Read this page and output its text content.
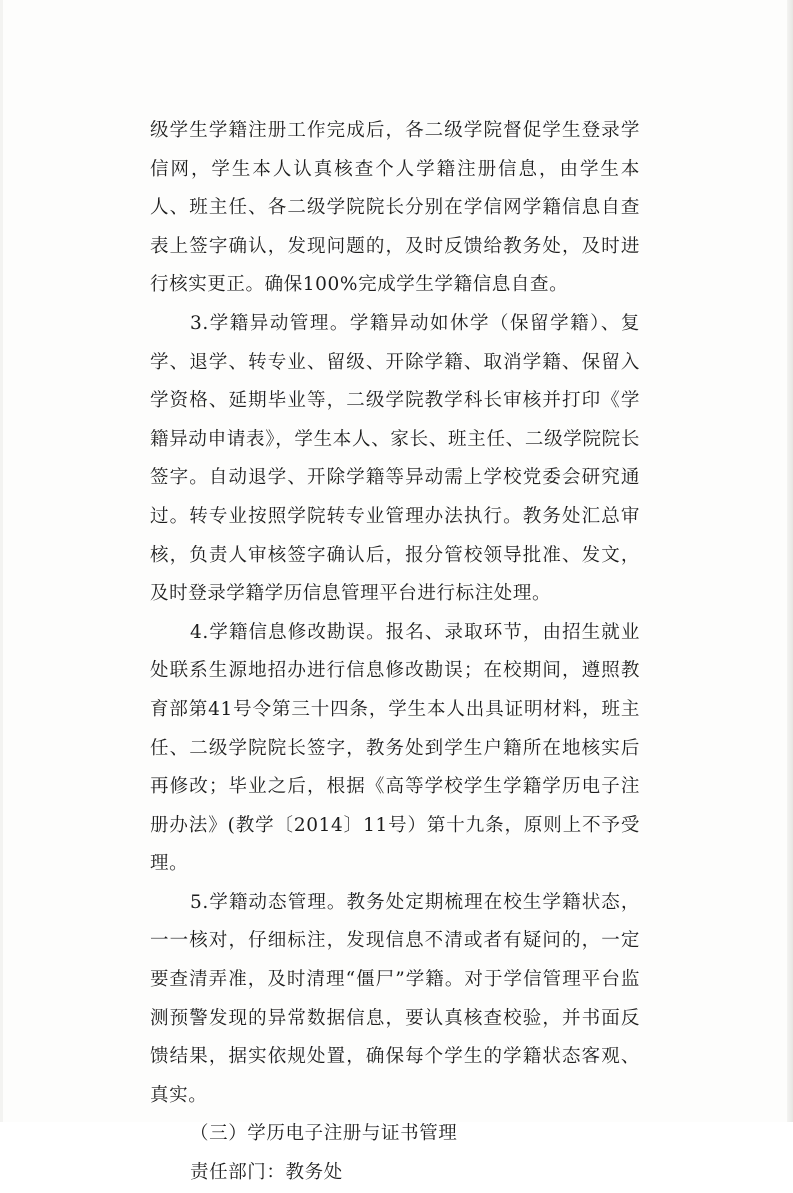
级学生学籍注册工作完成后，各二级学院督促学生登录学信网，学生本人认真核查个人学籍注册信息，由学生本人、班主任、各二级学院院长分别在学信网学籍信息自查表上签字确认，发现问题的，及时反馈给教务处，及时进行核实更正。确保100%完成学生学籍信息自查。

3.学籍异动管理。学籍异动如休学（保留学籍）、复学、退学、转专业、留级、开除学籍、取消学籍、保留入学资格、延期毕业等，二级学院教学科长审核并打印《学籍异动申请表》，学生本人、家长、班主任、二级学院院长签字。自动退学、开除学籍等异动需上学校党委会研究通过。转专业按照学院转专业管理办法执行。教务处汇总审核，负责人审核签字确认后，报分管校领导批准、发文，及时登录学籍学历信息管理平台进行标注处理。

4.学籍信息修改勘误。报名、录取环节，由招生就业处联系生源地招办进行信息修改勘误；在校期间，遵照教育部第41号令第三十四条，学生本人出具证明材料，班主任、二级学院院长签字，教务处到学生户籍所在地核实后再修改；毕业之后，根据《高等学校学生学籍学历电子注册办法》(教学〔2014〕11号）第十九条，原则上不予受理。

5.学籍动态管理。教务处定期梳理在校生学籍状态，一一核对，仔细标注，发现信息不清或者有疑问的，一定要查清弄准，及时清理“僵尸”学籍。对于学信管理平台监测预警发现的异常数据信息，要认真核查校验，并书面反馈结果，据实依规处置，确保每个学生的学籍状态客观、真实。

（三）学历电子注册与证书管理

责任部门：教务处
